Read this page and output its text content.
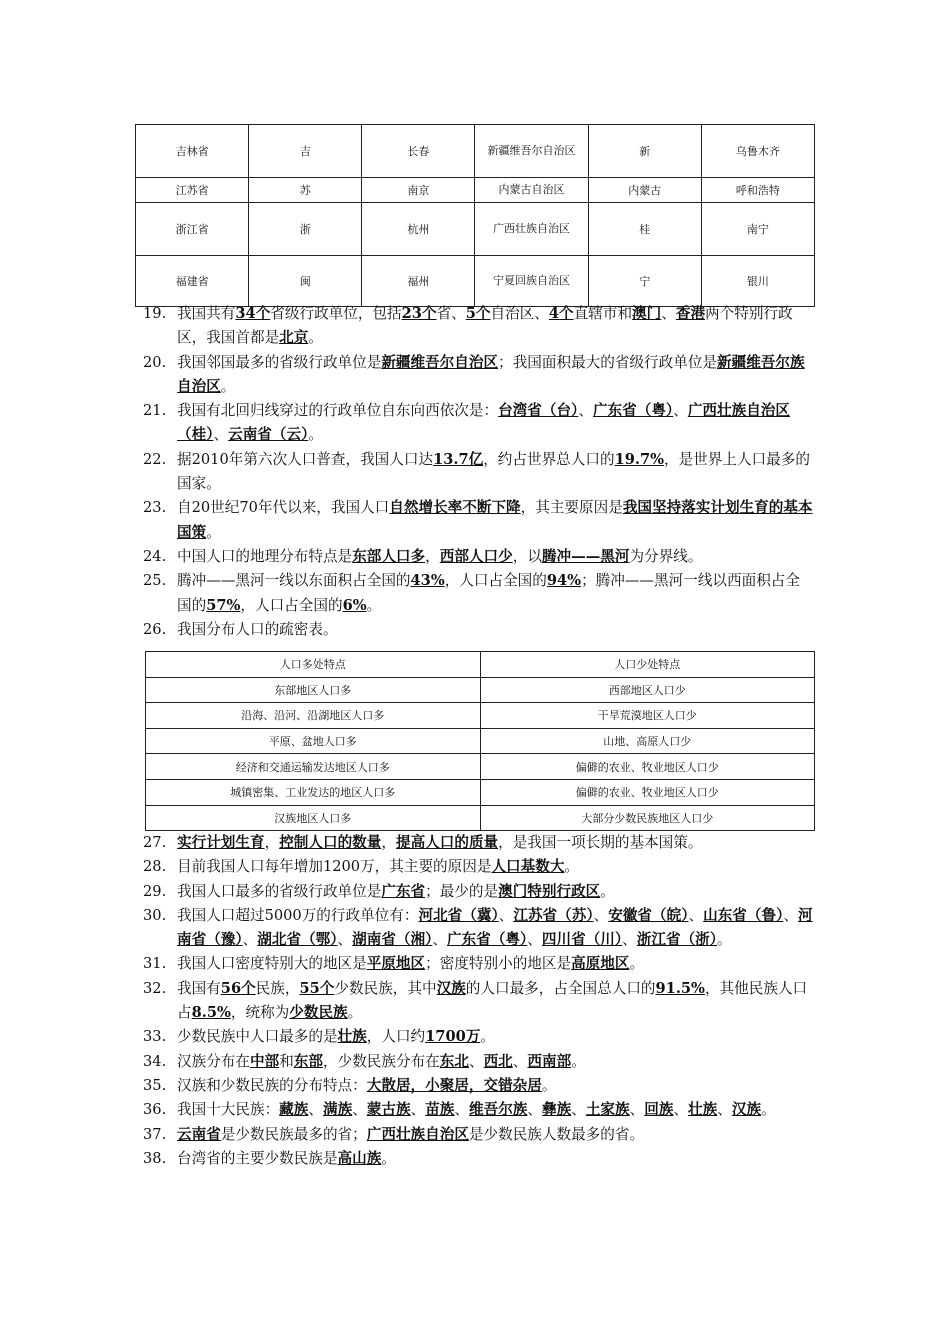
吉林省	吉	长春	新疆维吾尔自治区	新	乌鲁木齐
江苏省	苏	南京	内蒙古自治区	内蒙古	呼和浩特
浙江省	浙	杭州	广西壮族自治区	桂	南宁
福建省	闽	福州	宁夏回族自治区	宁	银川
19. 我国共有34个省级行政单位，包括23个省、5个自治区、4个直辖市和澳门、香港两个特别行政区，我国首都是北京。
20. 我国邻国最多的省级行政单位是新疆维吾尔自治区；我国面积最大的省级行政单位是新疆维吾尔族自治区。
21. 我国有北回归线穿过的行政单位自东向西依次是：台湾省（台）、广东省（粤）、广西壮族自治区（桂）、云南省（云）。
22. 据2010年第六次人口普查，我国人口达13.7亿，约占世界总人口的19.7%，是世界上人口最多的国家。
23. 自20世纪70年代以来，我国人口自然增长率不断下降，其主要原因是我国坚持落实计划生育的基本国策。
24. 中国人口的地理分布特点是东部人口多，西部人口少，以腾冲——黑河为分界线。
25. 腾冲——黑河一线以东面积占全国的43%，人口占全国的94%；腾冲——黑河一线以西面积占全国的57%，人口占全国的6%。
26. 我国分布人口的疏密表。
人口多处特点	人口少处特点
东部地区人口多	西部地区人口少
沿海、沿河、沿湖地区人口多	干旱荒漠地区人口少
平原、盆地人口多	山地、高原人口少
经济和交通运输发达地区人口多	偏僻的农业、牧业地区人口少
城镇密集、工业发达的地区人口多	偏僻的农业、牧业地区人口少
汉族地区人口多	大部分少数民族地区人口少
27. 实行计划生育，控制人口的数量，提高人口的质量，是我国一项长期的基本国策。
28. 目前我国人口每年增加1200万，其主要的原因是人口基数大。
29. 我国人口最多的省级行政单位是广东省；最少的是澳门特别行政区。
30. 我国人口超过5000万的行政单位有：河北省（冀）、江苏省（苏）、安徽省（皖）、山东省（鲁）、河南省（豫）、湖北省（鄂）、湖南省（湘）、广东省（粤）、四川省（川）、浙江省（浙）。
31. 我国人口密度特别大的地区是平原地区；密度特别小的地区是高原地区。
32. 我国有56个民族，55个少数民族，其中汉族的人口最多，占全国总人口的91.5%，其他民族人口占8.5%，统称为少数民族。
33. 少数民族中人口最多的是壮族，人口约1700万。
34. 汉族分布在中部和东部，少数民族分布在东北、西北、西南部。
35. 汉族和少数民族的分布特点：大散居，小聚居，交错杂居。
36. 我国十大民族：藏族、满族、蒙古族、苗族、维吾尔族、彝族、土家族、回族、壮族、汉族。
37. 云南省是少数民族最多的省；广西壮族自治区是少数民族人数最多的省。
38. 台湾省的主要少数民族是高山族。
